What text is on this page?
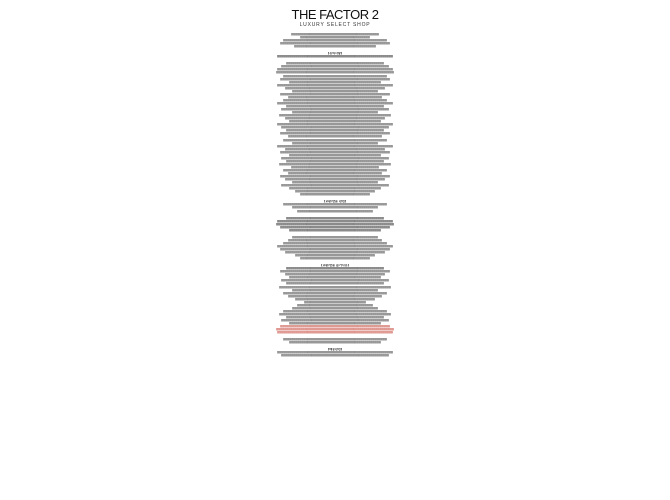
THE FACTOR 2
LUXURY SELECT SHOP
▒▒▒▒▒▒▒▒▒▒▒▒▒▒▒▒▒▒▒▒▒▒▒▒▒▒▒▒▒▒▒▒▒▒▒▒▒▒▒▒▒▒▒▒
▒▒▒▒▒▒▒▒▒▒▒▒▒▒▒▒▒▒▒▒▒▒▒▒▒▒▒▒▒▒▒▒▒▒▒
▒▒▒▒▒▒▒▒▒▒▒▒▒▒▒▒▒▒▒▒▒▒▒▒▒▒▒▒▒▒▒▒▒▒▒▒▒▒▒▒▒▒▒▒▒▒▒▒▒▒▒▒
▒▒▒▒▒▒▒▒▒▒▒▒▒▒▒▒▒▒▒▒▒▒▒▒▒▒▒▒▒▒▒▒▒▒▒▒▒▒▒▒▒▒▒▒▒▒▒▒▒▒▒▒▒▒▒
▒▒▒▒▒▒▒▒▒▒▒▒▒▒▒▒▒▒▒▒▒▒▒▒▒▒▒▒▒▒▒▒▒▒▒▒▒▒▒▒▒
[유의사항]
▒▒▒▒▒▒▒▒▒▒▒▒▒▒▒▒▒▒▒▒▒▒▒▒▒▒▒▒▒▒▒▒▒▒▒▒▒▒▒▒▒▒▒▒▒▒▒▒▒▒▒▒▒▒▒▒▒▒
▒▒▒▒▒▒▒▒▒▒▒▒▒▒▒▒▒▒▒▒▒▒▒▒▒▒▒▒▒▒▒▒▒▒▒▒▒▒▒▒▒▒▒▒▒▒▒▒▒
▒▒▒▒▒▒▒▒▒▒▒▒▒▒▒▒▒▒▒▒▒▒▒▒▒▒▒▒▒▒▒▒▒▒▒▒▒▒▒▒▒▒▒▒▒▒▒▒▒▒▒▒▒▒
▒▒▒▒▒▒▒▒▒▒▒▒▒▒▒▒▒▒▒▒▒▒▒▒▒▒▒▒▒▒▒▒▒▒▒▒▒▒▒▒▒▒▒▒▒▒▒▒▒▒▒▒▒▒▒▒▒▒
▒▒▒▒▒▒▒▒▒▒▒▒▒▒▒▒▒▒▒▒▒▒▒▒▒▒▒▒▒▒▒▒▒▒▒▒▒▒▒▒▒▒▒▒▒▒▒▒▒▒▒▒▒▒▒▒▒▒▒
▒▒▒▒▒▒▒▒▒▒▒▒▒▒▒▒▒▒▒▒▒▒▒▒▒▒▒▒▒▒▒▒▒▒▒▒▒▒▒▒▒▒▒▒▒▒▒▒▒▒▒▒
▒▒▒▒▒▒▒▒▒▒▒▒▒▒▒▒▒▒▒▒▒▒▒▒▒▒▒▒▒▒▒▒▒▒▒▒▒▒▒▒▒▒▒▒▒▒▒▒▒▒▒▒▒▒▒
▒▒▒▒▒▒▒▒▒▒▒▒▒▒▒▒▒▒▒▒▒▒▒▒▒▒▒▒▒▒▒▒▒▒▒▒▒▒▒▒▒▒▒▒▒▒
▒▒▒▒▒▒▒▒▒▒▒▒▒▒▒▒▒▒▒▒▒▒▒▒▒▒▒▒▒▒▒▒▒▒▒▒▒▒▒▒▒▒▒▒▒▒▒▒▒▒▒▒▒▒▒▒▒▒
▒▒▒▒▒▒▒▒▒▒▒▒▒▒▒▒▒▒▒▒▒▒▒▒▒▒▒▒▒▒▒▒▒▒▒▒▒▒▒▒▒▒▒▒▒▒▒▒▒▒
▒▒▒▒▒▒▒▒▒▒▒▒▒▒▒▒▒▒▒▒▒▒▒▒▒▒▒▒▒▒▒▒▒▒▒▒▒▒▒▒▒▒▒
▒▒▒▒▒▒▒▒▒▒▒▒▒▒▒▒▒▒▒▒▒▒▒▒▒▒▒▒▒▒▒▒▒▒▒▒▒▒▒▒▒▒▒▒▒▒▒▒▒▒▒▒▒▒▒
▒▒▒▒▒▒▒▒▒▒▒▒▒▒▒▒▒▒▒▒▒▒▒▒▒▒▒▒▒▒▒▒▒▒▒▒▒▒▒▒▒▒▒▒▒▒▒
▒▒▒▒▒▒▒▒▒▒▒▒▒▒▒▒▒▒▒▒▒▒▒▒▒▒▒▒▒▒▒▒▒▒▒▒▒▒▒▒▒▒▒▒▒▒▒▒▒▒▒▒
▒▒▒▒▒▒▒▒▒▒▒▒▒▒▒▒▒▒▒▒▒▒▒▒▒▒▒▒▒▒▒▒▒▒▒▒▒▒▒▒▒▒▒▒▒▒▒▒▒▒▒▒▒▒▒▒▒▒
▒▒▒▒▒▒▒▒▒▒▒▒▒▒▒▒▒▒▒▒▒▒▒▒▒▒▒▒▒▒▒▒▒▒▒▒▒▒▒▒▒▒▒▒▒▒▒▒▒
▒▒▒▒▒▒▒▒▒▒▒▒▒▒▒▒▒▒▒▒▒▒▒▒▒▒▒▒▒▒▒▒▒▒▒▒▒▒▒▒▒▒▒▒▒▒▒▒▒▒▒▒▒▒
▒▒▒▒▒▒▒▒▒▒▒▒▒▒▒▒▒▒▒▒▒▒▒▒▒▒▒▒▒▒▒▒▒▒▒▒▒▒▒▒▒▒▒
▒▒▒▒▒▒▒▒▒▒▒▒▒▒▒▒▒▒▒▒▒▒▒▒▒▒▒▒▒▒▒▒▒▒▒▒▒▒▒▒▒▒▒▒▒▒▒▒▒▒▒▒▒▒▒▒
▒▒▒▒▒▒▒▒▒▒▒▒▒▒▒▒▒▒▒▒▒▒▒▒▒▒▒▒▒▒▒▒▒▒▒▒▒▒▒▒▒▒▒▒▒▒▒▒▒▒
▒▒▒▒▒▒▒▒▒▒▒▒▒▒▒▒▒▒▒▒▒▒▒▒▒▒▒▒▒▒▒▒▒▒▒▒▒▒▒▒▒▒▒▒▒▒
▒▒▒▒▒▒▒▒▒▒▒▒▒▒▒▒▒▒▒▒▒▒▒▒▒▒▒▒▒▒▒▒▒▒▒▒▒▒▒▒▒▒▒▒▒▒▒▒▒▒▒▒▒▒▒▒▒▒
▒▒▒▒▒▒▒▒▒▒▒▒▒▒▒▒▒▒▒▒▒▒▒▒▒▒▒▒▒▒▒▒▒▒▒▒▒▒▒▒▒▒▒▒▒▒▒▒▒▒▒▒▒▒
▒▒▒▒▒▒▒▒▒▒▒▒▒▒▒▒▒▒▒▒▒▒▒▒▒▒▒▒▒▒▒▒▒▒▒▒▒▒▒▒▒▒▒▒▒▒▒▒▒
▒▒▒▒▒▒▒▒▒▒▒▒▒▒▒▒▒▒▒▒▒▒▒▒▒▒▒▒▒▒▒▒▒▒▒▒▒▒▒▒▒▒▒▒▒▒▒▒▒▒▒▒▒▒▒
▒▒▒▒▒▒▒▒▒▒▒▒▒▒▒▒▒▒▒▒▒▒▒▒▒▒▒▒▒▒▒▒▒▒▒▒▒▒▒▒▒▒▒▒▒▒▒
▒▒▒▒▒▒▒▒▒▒▒▒▒▒▒▒▒▒▒▒▒▒▒▒▒▒▒▒▒▒▒▒▒▒▒▒▒▒▒▒▒▒▒▒▒▒▒▒▒▒▒▒
▒▒▒▒▒▒▒▒▒▒▒▒▒▒▒▒▒▒▒▒▒▒▒▒▒▒▒▒▒▒▒▒▒▒▒▒▒▒▒▒▒▒▒
▒▒▒▒▒▒▒▒▒▒▒▒▒▒▒▒▒▒▒▒▒▒▒▒▒▒▒▒▒▒▒▒▒▒▒▒▒▒▒▒▒▒▒▒▒▒▒▒▒▒▒▒▒▒▒▒▒▒
▒▒▒▒▒▒▒▒▒▒▒▒▒▒▒▒▒▒▒▒▒▒▒▒▒▒▒▒▒▒▒▒▒▒▒▒▒▒▒▒▒▒▒▒▒▒▒▒▒▒
▒▒▒▒▒▒▒▒▒▒▒▒▒▒▒▒▒▒▒▒▒▒▒▒▒▒▒▒▒▒▒▒▒▒▒▒▒▒▒▒▒▒▒▒▒▒▒▒▒▒▒▒▒▒▒
▒▒▒▒▒▒▒▒▒▒▒▒▒▒▒▒▒▒▒▒▒▒▒▒▒▒▒▒▒▒▒▒▒▒▒▒▒▒▒▒▒▒▒▒▒▒
▒▒▒▒▒▒▒▒▒▒▒▒▒▒▒▒▒▒▒▒▒▒▒▒▒▒▒▒▒▒▒▒▒▒▒▒▒▒▒▒▒▒▒▒▒▒▒▒▒▒▒▒▒▒
▒▒▒▒▒▒▒▒▒▒▒▒▒▒▒▒▒▒▒▒▒▒▒▒▒▒▒▒▒▒▒▒▒▒▒▒▒▒▒▒▒▒▒▒▒▒▒▒▒
▒▒▒▒▒▒▒▒▒▒▒▒▒▒▒▒▒▒▒▒▒▒▒▒▒▒▒▒▒▒▒▒▒▒▒▒▒▒▒▒▒▒▒▒▒▒▒▒▒▒▒▒▒▒▒▒
▒▒▒▒▒▒▒▒▒▒▒▒▒▒▒▒▒▒▒▒▒▒▒▒▒▒▒▒▒▒▒▒▒▒▒▒▒▒▒▒▒▒▒▒
▒▒▒▒▒▒▒▒▒▒▒▒▒▒▒▒▒▒▒▒▒▒▒▒▒▒▒▒▒▒▒▒▒▒▒▒▒▒▒▒▒▒▒▒▒▒▒▒▒▒▒▒
▒▒▒▒▒▒▒▒▒▒▒▒▒▒▒▒▒▒▒▒▒▒▒▒▒▒▒▒▒▒▒▒▒▒▒▒▒▒▒▒▒▒▒▒▒▒▒
▒▒▒▒▒▒▒▒▒▒▒▒▒▒▒▒▒▒▒▒▒▒▒▒▒▒▒▒▒▒▒▒▒▒▒▒▒▒▒▒▒▒▒▒▒▒▒▒▒▒▒▒▒▒▒
▒▒▒▒▒▒▒▒▒▒▒▒▒▒▒▒▒▒▒▒▒▒▒▒▒▒▒▒▒▒▒▒▒▒▒▒▒▒▒▒▒▒▒▒▒▒▒▒▒▒
▒▒▒▒▒▒▒▒▒▒▒▒▒▒▒▒▒▒▒▒▒▒▒▒▒▒▒▒▒▒▒▒▒▒▒▒▒▒▒▒▒▒▒
▒▒▒▒▒▒▒▒▒▒▒▒▒▒▒▒▒▒▒▒▒▒▒▒▒▒▒▒▒▒▒▒▒▒▒▒▒▒▒▒▒▒▒▒▒▒▒▒▒▒▒▒▒▒
▒▒▒▒▒▒▒▒▒▒▒▒▒▒▒▒▒▒▒▒▒▒▒▒▒▒▒▒▒▒▒▒▒▒▒▒▒▒▒▒▒▒▒▒▒▒
▒▒▒▒▒▒▒▒▒▒▒▒▒▒▒▒▒▒▒▒▒▒▒▒▒▒▒▒▒▒▒▒▒▒▒▒▒▒▒▒
▒▒▒▒▒▒▒▒▒▒▒▒▒▒▒▒▒▒▒▒▒▒▒▒▒▒▒▒▒▒▒▒▒▒▒
[교환/반품 관련]
▒▒▒▒▒▒▒▒▒▒▒▒▒▒▒▒▒▒▒▒▒▒▒▒▒▒▒▒▒▒▒▒▒▒▒▒▒▒▒▒▒▒▒▒▒▒▒▒▒▒▒▒
▒▒▒▒▒▒▒▒▒▒▒▒▒▒▒▒▒▒▒▒▒▒▒▒▒▒▒▒▒▒▒▒▒▒▒▒▒▒▒▒▒▒▒
▒▒▒▒▒▒▒▒▒▒▒▒▒▒▒▒▒▒▒▒▒▒▒▒▒▒▒▒▒▒▒▒▒▒▒▒▒▒
▒▒▒▒▒▒▒▒▒▒▒▒▒▒▒▒▒▒▒▒▒▒▒▒▒▒▒▒▒▒▒▒▒▒▒▒▒▒▒▒▒▒▒▒▒▒▒▒▒
▒▒▒▒▒▒▒▒▒▒▒▒▒▒▒▒▒▒▒▒▒▒▒▒▒▒▒▒▒▒▒▒▒▒▒▒▒▒▒▒▒▒▒▒▒▒▒▒▒▒▒▒▒▒▒▒▒▒
▒▒▒▒▒▒▒▒▒▒▒▒▒▒▒▒▒▒▒▒▒▒▒▒▒▒▒▒▒▒▒▒▒▒▒▒▒▒▒▒▒▒▒▒▒▒▒▒▒▒▒▒▒▒▒▒▒▒▒
▒▒▒▒▒▒▒▒▒▒▒▒▒▒▒▒▒▒▒▒▒▒▒▒▒▒▒▒▒▒▒▒▒▒▒▒▒▒▒▒▒▒▒▒▒▒▒▒▒▒▒▒▒▒▒
▒▒▒▒▒▒▒▒▒▒▒▒▒▒▒▒▒▒▒▒▒▒▒▒▒▒▒▒▒▒▒▒▒▒▒▒▒▒▒▒▒▒▒▒▒▒
▒▒▒▒▒▒▒▒▒▒▒▒▒▒▒▒▒▒▒▒▒▒▒▒▒▒▒▒▒▒▒▒▒▒▒▒▒▒▒▒▒▒▒
▒▒▒▒▒▒▒▒▒▒▒▒▒▒▒▒▒▒▒▒▒▒▒▒▒▒▒▒▒▒▒▒▒▒▒▒▒▒▒▒▒▒▒▒▒▒▒
▒▒▒▒▒▒▒▒▒▒▒▒▒▒▒▒▒▒▒▒▒▒▒▒▒▒▒▒▒▒▒▒▒▒▒▒▒▒▒▒▒▒▒▒▒▒▒▒▒▒▒▒
▒▒▒▒▒▒▒▒▒▒▒▒▒▒▒▒▒▒▒▒▒▒▒▒▒▒▒▒▒▒▒▒▒▒▒▒▒▒▒▒▒▒▒▒▒▒▒▒▒▒▒▒▒▒▒▒▒▒
▒▒▒▒▒▒▒▒▒▒▒▒▒▒▒▒▒▒▒▒▒▒▒▒▒▒▒▒▒▒▒▒▒▒▒▒▒▒▒▒▒▒▒▒▒▒▒▒▒▒▒▒▒▒▒
▒▒▒▒▒▒▒▒▒▒▒▒▒▒▒▒▒▒▒▒▒▒▒▒▒▒▒▒▒▒▒▒▒▒▒▒▒▒▒▒▒▒▒▒▒▒▒▒▒▒
▒▒▒▒▒▒▒▒▒▒▒▒▒▒▒▒▒▒▒▒▒▒▒▒▒▒▒▒▒▒▒▒▒▒▒▒▒▒▒▒
▒▒▒▒▒▒▒▒▒▒▒▒▒▒▒▒▒▒▒▒▒▒▒▒▒▒▒▒▒▒▒▒▒▒▒
[교환/반품 불가사유]
▒▒▒▒▒▒▒▒▒▒▒▒▒▒▒▒▒▒▒▒▒▒▒▒▒▒▒▒▒▒▒▒▒▒▒▒▒▒▒▒▒▒▒▒▒▒▒▒▒
▒▒▒▒▒▒▒▒▒▒▒▒▒▒▒▒▒▒▒▒▒▒▒▒▒▒▒▒▒▒▒▒▒▒▒▒▒▒▒▒▒▒▒▒▒▒▒▒▒▒▒▒▒▒▒
▒▒▒▒▒▒▒▒▒▒▒▒▒▒▒▒▒▒▒▒▒▒▒▒▒▒▒▒▒▒▒▒▒▒▒▒▒▒▒▒▒▒▒▒▒▒▒▒▒▒
▒▒▒▒▒▒▒▒▒▒▒▒▒▒▒▒▒▒▒▒▒▒▒▒▒▒▒▒▒▒▒▒▒▒▒▒▒▒▒▒▒▒▒▒▒▒
▒▒▒▒▒▒▒▒▒▒▒▒▒▒▒▒▒▒▒▒▒▒▒▒▒▒▒▒▒▒▒▒▒▒▒▒▒▒▒▒▒▒▒▒▒▒▒▒▒▒▒▒▒▒
▒▒▒▒▒▒▒▒▒▒▒▒▒▒▒▒▒▒▒▒▒▒▒▒▒▒▒▒▒▒▒▒▒▒▒▒▒▒▒▒▒▒▒▒▒▒▒▒▒
▒▒▒▒▒▒▒▒▒▒▒▒▒▒▒▒▒▒▒▒▒▒▒▒▒▒▒▒▒▒▒▒▒▒▒▒▒▒▒▒▒▒▒▒▒▒▒▒▒▒▒▒▒▒▒▒
▒▒▒▒▒▒▒▒▒▒▒▒▒▒▒▒▒▒▒▒▒▒▒▒▒▒▒▒▒▒▒▒▒▒▒▒▒▒▒▒▒▒▒
▒▒▒▒▒▒▒▒▒▒▒▒▒▒▒▒▒▒▒▒▒▒▒▒▒▒▒▒▒▒▒▒▒▒▒▒▒▒▒▒▒▒▒▒▒▒▒▒▒▒▒▒
▒▒▒▒▒▒▒▒▒▒▒▒▒▒▒▒▒▒▒▒▒▒▒▒▒▒▒▒▒▒▒▒▒▒▒▒▒▒▒▒▒▒▒▒▒▒▒
▒▒▒▒▒▒▒▒▒▒▒▒▒▒▒▒▒▒▒▒▒▒▒▒▒▒▒▒▒▒▒▒▒▒▒▒▒▒▒▒
▒▒▒▒▒▒▒▒▒▒▒▒▒▒▒▒▒▒▒▒▒▒▒▒▒▒▒▒▒▒▒
▒▒▒▒▒▒▒▒▒▒▒▒▒▒▒▒▒▒▒▒▒▒▒▒▒▒▒▒▒▒▒▒▒▒▒▒▒▒
▒▒▒▒▒▒▒▒▒▒▒▒▒▒▒▒▒▒▒▒▒▒▒▒▒▒▒▒▒▒▒▒▒▒▒▒▒▒▒▒▒▒▒
▒▒▒▒▒▒▒▒▒▒▒▒▒▒▒▒▒▒▒▒▒▒▒▒▒▒▒▒▒▒▒▒▒▒▒▒▒▒▒▒▒▒▒▒▒▒▒▒▒▒▒▒
▒▒▒▒▒▒▒▒▒▒▒▒▒▒▒▒▒▒▒▒▒▒▒▒▒▒▒▒▒▒▒▒▒▒▒▒▒▒▒▒▒▒▒▒▒▒▒▒▒▒▒▒▒▒▒▒
▒▒▒▒▒▒▒▒▒▒▒▒▒▒▒▒▒▒▒▒▒▒▒▒▒▒▒▒▒▒▒▒▒▒▒▒▒▒▒▒▒▒▒▒▒▒▒▒▒
▒▒▒▒▒▒▒▒▒▒▒▒▒▒▒▒▒▒▒▒▒▒▒▒▒▒▒▒▒▒▒▒▒▒▒▒▒▒▒▒▒▒▒▒▒▒▒▒▒▒▒▒▒▒
▒▒▒▒▒▒▒▒▒▒▒▒▒▒▒▒▒▒▒▒▒▒▒▒▒▒▒▒▒▒▒▒▒▒▒▒▒▒▒▒▒▒▒▒▒▒
▒▒▒▒▒▒▒▒▒▒▒▒▒▒▒▒▒▒▒▒▒▒▒▒▒▒▒▒▒▒▒▒▒▒▒▒▒▒▒▒▒▒▒▒▒▒▒▒▒▒▒▒▒▒▒
▒▒▒▒▒▒▒▒▒▒▒▒▒▒▒▒▒▒▒▒▒▒▒▒▒▒▒▒▒▒▒▒▒▒▒▒▒▒▒▒▒▒▒▒▒▒▒▒▒▒▒▒▒▒▒▒▒▒▒
▒▒▒▒▒▒▒▒▒▒▒▒▒▒▒▒▒▒▒▒▒▒▒▒▒▒▒▒▒▒▒▒▒▒▒▒▒▒▒▒▒▒▒▒▒▒▒▒▒▒▒▒▒▒▒▒▒▒
▒▒▒▒▒▒▒▒▒▒▒▒▒▒▒▒▒▒▒▒▒▒▒▒▒▒▒▒▒▒▒▒▒▒▒▒▒▒▒▒▒▒▒▒▒▒▒▒▒▒▒▒
▒▒▒▒▒▒▒▒▒▒▒▒▒▒▒▒▒▒▒▒▒▒▒▒▒▒▒▒▒▒▒▒▒▒▒▒▒▒▒▒▒▒▒▒▒▒
[배송관련]
▒▒▒▒▒▒▒▒▒▒▒▒▒▒▒▒▒▒▒▒▒▒▒▒▒▒▒▒▒▒▒▒▒▒▒▒▒▒▒▒▒▒▒▒▒▒▒▒▒▒▒▒▒▒▒▒▒▒
▒▒▒▒▒▒▒▒▒▒▒▒▒▒▒▒▒▒▒▒▒▒▒▒▒▒▒▒▒▒▒▒▒▒▒▒▒▒▒▒▒▒▒▒▒▒▒▒▒▒▒▒▒▒
